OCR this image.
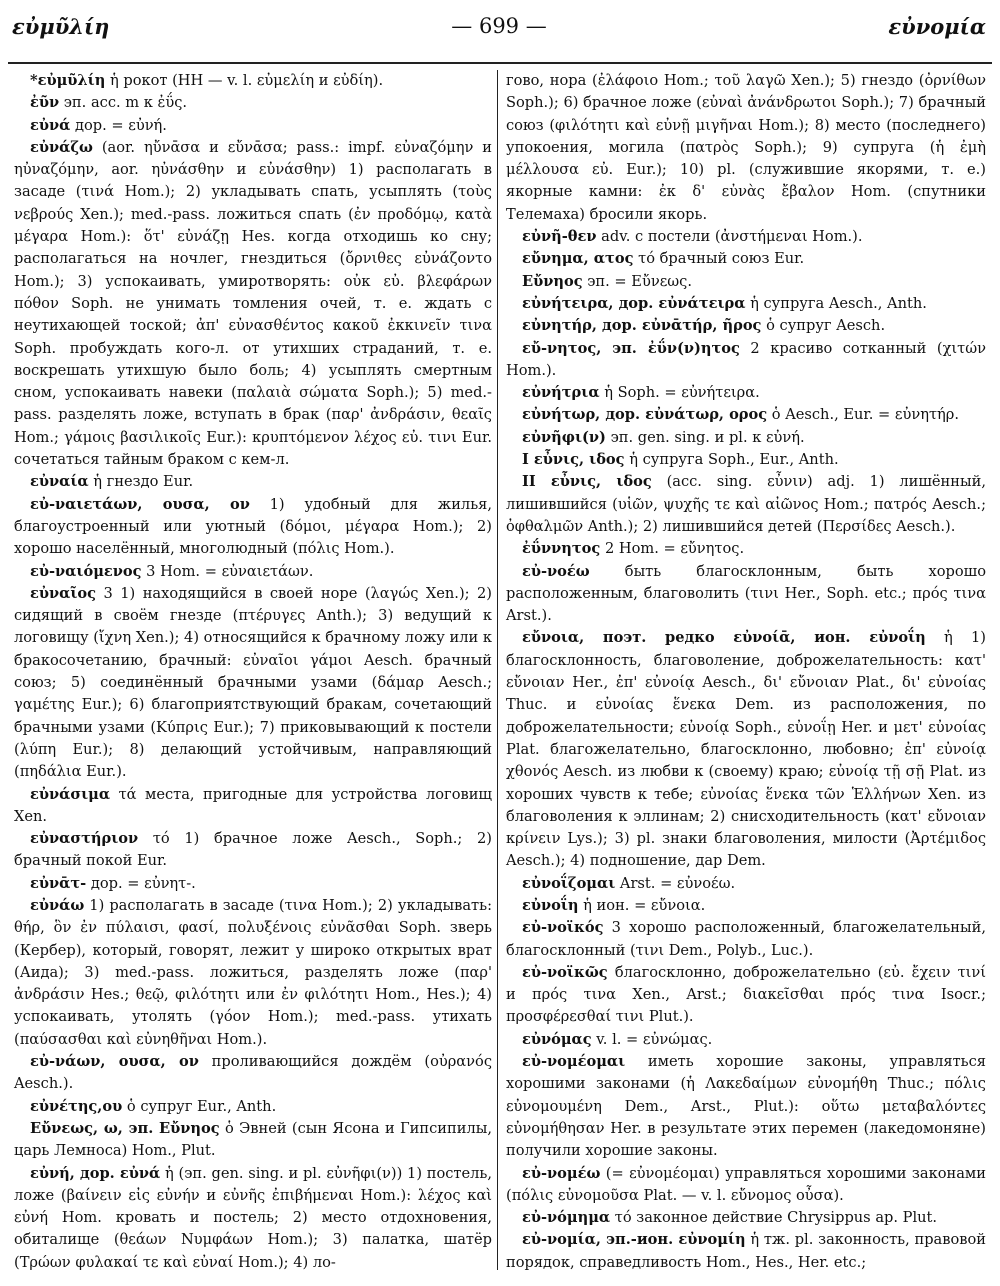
εὐμῦλίη	— 699 —	εὐνομία

*εὐμῦλίη ἡ рокот (НН — v. l. εὐμελίη и εὐδίη).

ἐῦν эп. acc. m к ἐΰς.

εὐνά дор. = εὐνή.

εὐνάζω (aor. ηὔνᾱσα и εὔνᾱσα; pass.: impf. εὐναζόμην и ηὐναζόμην, aor. ηὐνάσθην и εὐνάσθην) 1) располагать в засаде (τινά Hom.); 2) укладывать спать, усыплять (τοὺς νεβρούς Xen.); med.-pass. ложиться спать (ἐν προδόμῳ, κατὰ μέγαρα Hom.): ὅτ' εὐνάζῃ Hes. когда отходишь ко сну; располагаться на ночлег, гнездиться (ὄρνιθες εὐνάζοντο Hom.); 3) успокаивать, умиротворять: οὐκ εὐ. βλεφάρων πόθον Soph. не унимать томления очей, т. е. ждать с неутихающей тоской; ἀπ' εὐνασθέντος κακοῦ ἐκκινεῖν τινα Soph. пробуждать кого-л. от утихших страданий, т. е. воскрешать утихшую было боль; 4) усыплять смертным сном, успокаивать навеки (παλαιὰ σώματα Soph.); 5) med.-pass. разделять ложе, вступать в брак (παρ' ἀνδράσιν, θεαῖς Hom.; γάμοις βασιλικοῖς Eur.): κρυπτόμενον λέχος εὐ. τινι Eur. сочетаться тайным браком с кем-л.

εὐναία ἡ гнездо Eur.

εὐ-ναιετάων, ουσα, ον 1) удобный для жилья, благоустроенный или уютный (δόμοι, μέγαρα Hom.); 2) хорошо населённый, многолюдный (πόλις Hom.).

εὐ-ναιόμενος 3 Hom. = εὐναιετάων.

εὐναῖος 3 1) находящийся в своей норе (λαγώς Xen.); 2) сидящий в своём гнезде (πτέρυγες Anth.); 3) ведущий к логовищу (ἴχνη Xen.); 4) относящийся к брачному ложу или к бракосочетанию, брачный: εὐναῖοι γάμοι Aesch. брачный союз; 5) соединённый брачными узами (δάμαρ Aesch.; γαμέτης Eur.); 6) благоприятствующий бракам, сочетающий брачными узами (Κύπρις Eur.); 7) приковывающий к постели (λύπη Eur.); 8) делающий устойчивым, направляющий (πηδάλια Eur.).

εὐνάσιμα τά места, пригодные для устройства логовищ Xen.

εὐναστήριον τό 1) брачное ложе Aesch., Soph.; 2) брачный покой Eur.

εὐνᾱτ- дор. = εὐνητ-.

εὐνάω 1) располагать в засаде (τινα Hom.); 2) укладывать: θήρ, ὃν ἐν πύλαισι, φασί, πολυξένοις εὐνᾶσθαι Soph. зверь (Кербер), который, говорят, лежит у широко открытых врат (Аида); 3) med.-pass. ложиться, разделять ложе (παρ' ἀνδράσιν Hes.; θεῷ, φιλότητι или ἐν φιλότητι Hom., Hes.); 4) успокаивать, утолять (γόον Hom.); med.-pass. утихать (παύσασθαι καὶ εὐνηθῆναι Hom.).

εὐ-νάων, ουσα, ον проливающийся дождём (οὐρανός Aesch.).

εὐνέτης,ου ὁ супруг Eur., Anth.

Εὔνεως, ω, эп. Εὔνηος ὁ Эвней (сын Ясона и Гипсипилы, царь Лемноса) Hom., Plut.

εὐνή, дор. εὐνά ἡ (эп. gen. sing. и pl. εὐνῆφι(ν)) 1) постель, ложе (βαίνειν εἰς εὐνήν и εὐνῆς ἐπιβήμεναι Hom.): λέχος καὶ εὐνή Hom. кровать и постель; 2) место отдохновения, обиталище (θεάων Νυμφάων Hom.); 3) палатка, шатёр (Τρώων φυλακαί τε καὶ εὐναί Hom.); 4) ло-

гово, нора (ἐλάφοιο Hom.; τοῦ λαγῶ Xen.); 5) гнездо (ὀρνίθων Soph.); 6) брачное ложе (εὐναὶ ἀνάνδρωτοι Soph.); 7) брачный союз (φιλότητι καὶ εὐνῇ μιγῆναι Hom.); 8) место (последнего) упокоения, могила (πατρὸς Soph.); 9) супруга (ἡ ἐμὴ μέλλουσα εὐ. Eur.); 10) pl. (служившие якорями, т. е.) якорные камни: ἐκ δ' εὐνὰς ἔβαλον Hom. (спутники Телемаха) бросили якорь.

εὐνῆ-θεν adv. с постели (ἀνστήμεναι Hom.).

εὔνημα, ατος τό брачный союз Eur.

Εὔνηος эп. = Εὔνεως.

εὐνήτειρα, дор. εὐνάτειρα ἡ супруга Aesch., Anth.

εὐνητήρ, дор. εὐνᾱτήρ, ῆρος ὁ супруг Aesch.

εὔ-νητος, эп. ἐΰν(ν)ητος 2 красиво сотканный (χιτών Hom.).

εὐνήτρια ἡ Soph. = εὐνήτειρα.

εὐνήτωρ, дор. εὐνάτωρ, ορος ὁ Aesch., Eur. = εὐνητήρ.

εὐνῆφι(ν) эп. gen. sing. и pl. к εὐνή.

I εὖνις, ιδος ἡ супруга Soph., Eur., Anth.

II εὖνις, ιδος (acc. sing. εὖνιν) adj. 1) лишённый, лишившийся (υἱῶν, ψυχῆς τε καὶ αἰῶνος Hom.; πατρός Aesch.; ὀφθαλμῶν Anth.); 2) лишившийся детей (Περσίδες Aesch.).

ἐΰννητος 2 Hom. = εὔνητος.

εὐ-νοέω быть благосклонным, быть хорошо расположенным, благоволить (τινι Her., Soph. etc.; πρός τινα Arst.).

εὔνοια, поэт. редко εὐνοίᾱ, ион. εὐνοΐη ἡ 1) благосклонность, благоволение, доброжелательность: κατ' εὔνοιαν Her., ἐπ' εὐνοίᾳ Aesch., δι' εὔνοιαν Plat., δι' εὐνοίας Thuc. и εὐνοίας ἕνεκα Dem. из расположения, по доброжелательности; εὐνοίᾳ Soph., εὐνοΐῃ Her. и μετ' εὐνοίας Plat. благожелательно, благосклонно, любовно; ἐπ' εὐνοίᾳ χθονός Aesch. из любви к (своему) краю; εὐνοίᾳ τῇ σῇ Plat. из хороших чувств к тебе; εὐνοίας ἕνεκα τῶν Ἑλλήνων Xen. из благоволения к эллинам; 2) снисходительность (κατ' εὔνοιαν κρίνειν Lys.); 3) pl. знаки благоволения, милости (Ἀρτέμιδος Aesch.); 4) подношение, дар Dem.

εὐνοΐζομαι Arst. = εὐνοέω.

εὐνοΐη ἡ ион. = εὔνοια.

εὐ-νοϊκός 3 хорошо расположенный, благожелательный, благосклонный (τινι Dem., Polyb., Luc.).

εὐ-νοϊκῶς благосклонно, доброжелательно (εὐ. ἔχειν τινί и πρός τινα Xen., Arst.; διακεῖσθαι πρός τινα Isocr.; προσφέρεσθαί τινι Plut.).

εὐνόμας v. l. = εὐνώμας.

εὐ-νομέομαι иметь хорошие законы, управляться хорошими законами (ἡ Λακεδαίμων εὐνομήθη Thuc.; πόλις εὐνομουμένη Dem., Arst., Plut.): οὕτω μεταβαλόντες εὐνομήθησαν Her. в результате этих перемен (лакедомоняне) получили хорошие законы.

εὐ-νομέω (= εὐνομέομαι) управляться хорошими законами (πόλις εὐνομοῦσα Plat. — v. l. εὔνομος οὖσα).

εὐ-νόμημα τό законное действие Chrysippus ap. Plut.

εὐ-νομία, эп.-ион. εὐνομίη ἡ тж. pl. законность, правовой порядок, справедливость Hom., Hes., Her. etc.;
